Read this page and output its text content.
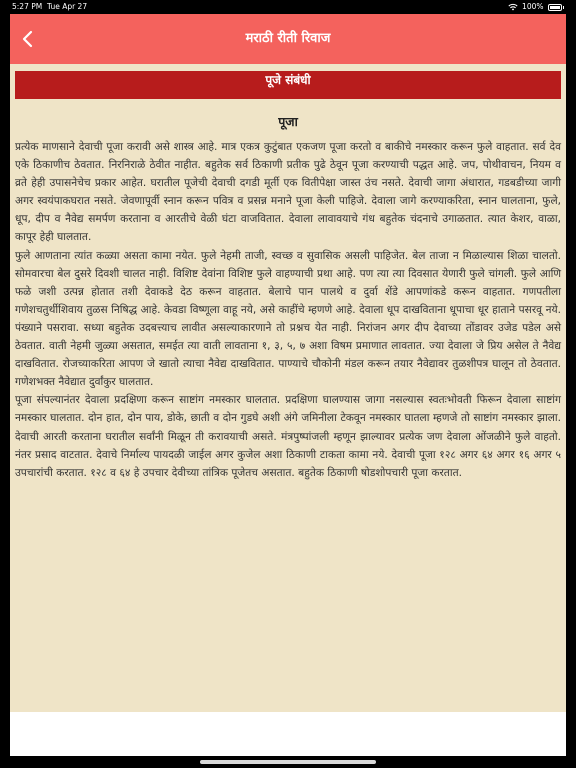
5:27 PM Tue Apr 27	100%
मराठी रीती रिवाज
पूजे संबंधी
पूजा

प्रत्येक माणसाने देवाची पूजा करावी असे शास्त्र आहे. मात्र एकत्र कुटुंबात एकजण पूजा करतो व बाकीचे नमस्कार करून फुले वाहतात. सर्व देव एके ठिकाणीच ठेवतात. निरनिराळे ठेवीत नाहीत. बहुतेक सर्व ठिकाणी प्रतीक पुढे ठेवून पूजा करण्याची पद्धत आहे. जप, पोथीवाचन, नियम व व्रते हेही उपासनेचेच प्रकार आहेत. घरातील पूजेची देवाची दगडी मूर्ती एक वितीपेक्षा जास्त उंच नसते. देवाची जागा अंधारात, गडबडीच्या जागी अगर स्वयंपाकघरात नसते. जेवणापूर्वी स्नान करून पवित्र व प्रसन्न मनाने पूजा केली पाहिजे. देवाला जागे करण्याकरिता, स्नान घालताना, फुले, धूप, दीप व नैवेद्य समर्पण करताना व आरतीचे वेळी घंटा वाजवितात. देवाला लावावयाचे गंध बहुतेक चंदनाचे उगाळतात. त्यात केशर, वाळा, कापूर हेही घालतात.

फुले आणताना त्यांत कळ्या असता कामा नयेत. फुले नेहमी ताजी, स्वच्छ व सुवासिक असली पाहिजेत. बेल ताजा न मिळाल्यास शिळा चालतो. सोमवारचा बेल दुसरे दिवशी चालत नाही. विशिष्ट देवांना विशिष्ट फुले वाहण्याची प्रथा आहे. पण त्या त्या दिवसात येणारी फुले चांगली. फुले आणि फळे जशी उत्पन्न होतात तशी देवाकडे देठ करून वाहतात. बेलाचे पान पालथे व दुर्वा शेंडे आपणांकडे करून वाहतात. गणपतीला गणेशचतुर्थीशिवाय तुळस निषिद्ध आहे. केवडा विष्णूला वाहू नये, असे काहींचे म्हणणे आहे. देवाला धूप दाखविताना धूपाचा धूर हाताने पसरवू नये. पंख्याने पसरावा. सध्या बहुतेक उदबत्त्याच लावीत असल्याकारणाने तो प्रश्नच येत नाही. निरांजन अगर दीप देवाच्या तोंडावर उजेड पडेल असे ठेवतात. वाती नेहमी जुळ्या असतात, समईत त्या वाती लावताना १, ३, ५, ७ अशा विषम प्रमाणात लावतात. ज्या देवाला जे प्रिय असेल ते नैवेद्य दाखवितात. रोजच्याकरिता आपण जे खातो त्याचा नैवेद्य दाखवितात. पाण्याचे चौकोनी मंडल करून तयार नैवेद्यावर तुळशीपत्र घालून तो ठेवतात. गणेशभक्त नैवेद्यात दुर्वांकुर घालतात.

पूजा संपल्यानंतर देवाला प्रदक्षिणा करून साष्टांग नमस्कार घालतात. प्रदक्षिणा घालण्यास जागा नसल्यास स्वतःभोवती फिरून देवाला साष्टांग नमस्कार घालतात. दोन हात, दोन पाय, डोके, छाती व दोन गुडघे अशी अंगे जमिनीला टेकवून नमस्कार घातला म्हणजे तो साष्टांग नमस्कार झाला. देवाची आरती करताना घरातील सर्वांनी मिळून ती करावयाची असते. मंत्रपुष्पांजली म्हणून झाल्यावर प्रत्येक जण देवाला ओंजळीने फुले वाहतो. नंतर प्रसाद वाटतात. देवाचे निर्माल्य पायदळी जाईल अगर कुजेल अशा ठिकाणी टाकता कामा नये. देवाची पूजा १२८ अगर ६४ अगर १६ अगर ५ उपचारांची करतात. १२८ व ६४ हे उपचार देवीच्या तांत्रिक पूजेतच असतात. बहुतेक ठिकाणी षोडशोपचारी पूजा करतात.
